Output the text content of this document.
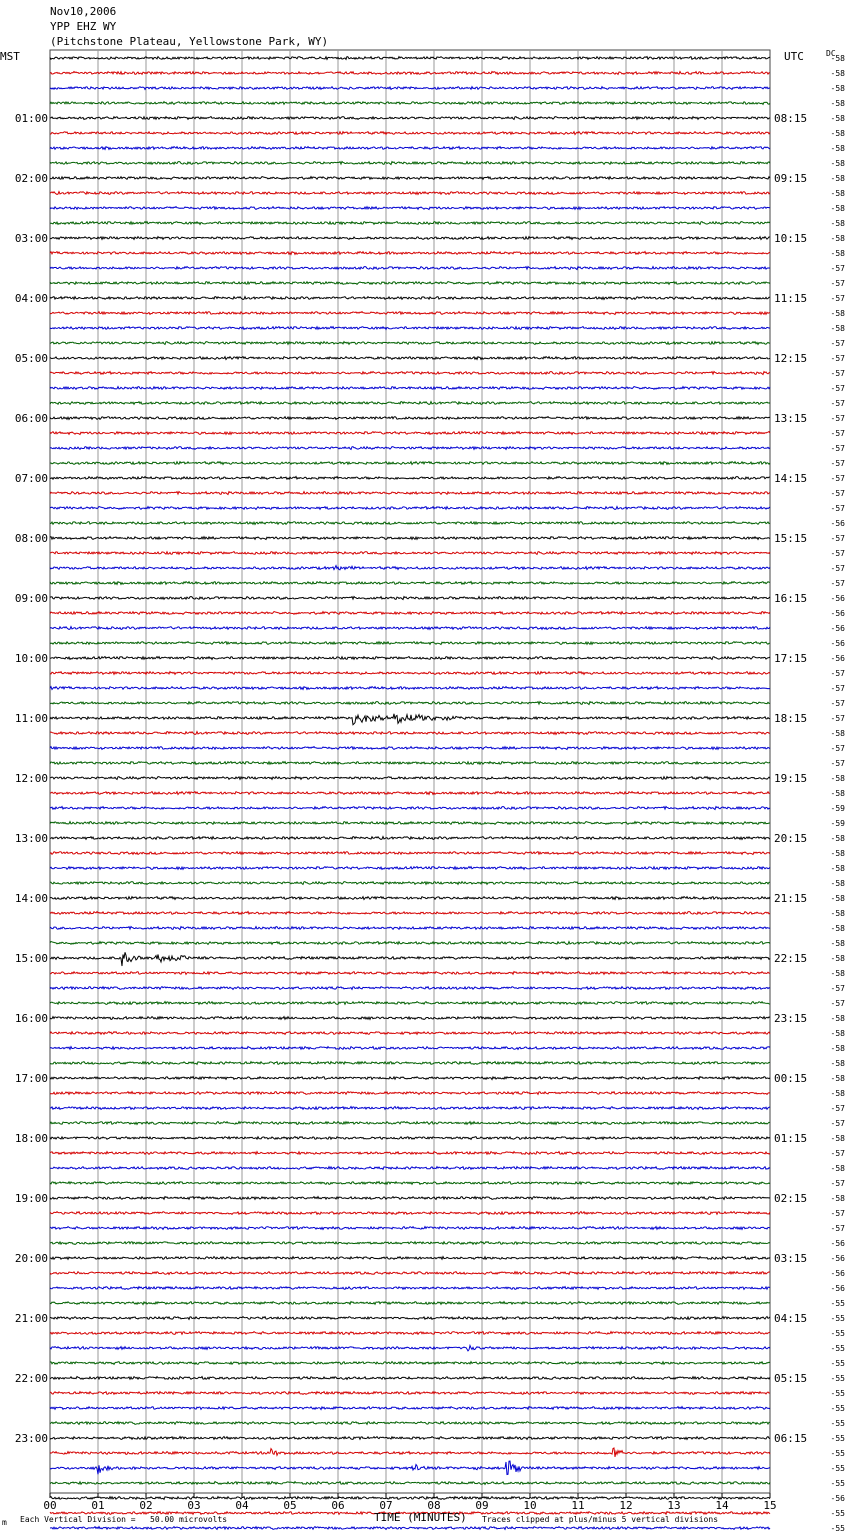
Nov10,2006
YPP EHZ WY
(Pitchstone Plateau, Yellowstone Park, WY)
MST	UTC	DC
00	01	02	03	04	05	06	07	08	09	10	11	12	13	14	15
-58
-58
-58
-58
-58
-58
-58
-58
-58
-58
-58
-58
-58
-58
-57
-57
-57
-58
-58
-57
-57
-57
-57
-57
-57
-57
-57
-57
-57
-57
-57
-56
-57
-57
-57
-57
-56
-56
-56
-56
-56
-57
-57
-57
-57
-58
-57
-57
-58
-58
-59
-59
-58
-58
-58
-58
-58
-58
-58
-58
-58
-58
-57
-57
-58
-58
-58
-58
-58
-58
-57
-57
-58
-57
-58
-57
-58
-57
-57
-56
-56
-56
-56
-55
-55
-55
-55
-55
-55
-55
-55
-55
-55
-55
-55
-55
-56
-55
-55
01:00	08:15
02:00	09:15
03:00	10:15
04:00	11:15
05:00	12:15
06:00	13:15
07:00	14:15
08:00	15:15
09:00	16:15
10:00	17:15
11:00	18:15
12:00	19:15
13:00	20:15
14:00	21:15
15:00	22:15
16:00	23:15
17:00	00:15
18:00	01:15
19:00	02:15
20:00	03:15
21:00	04:15
22:00	05:15
23:00	06:15
m Each Vertical Division =   50.00 microvolts	TIME (MINUTES) Traces clipped at plus/minus 5 vertical divisions
